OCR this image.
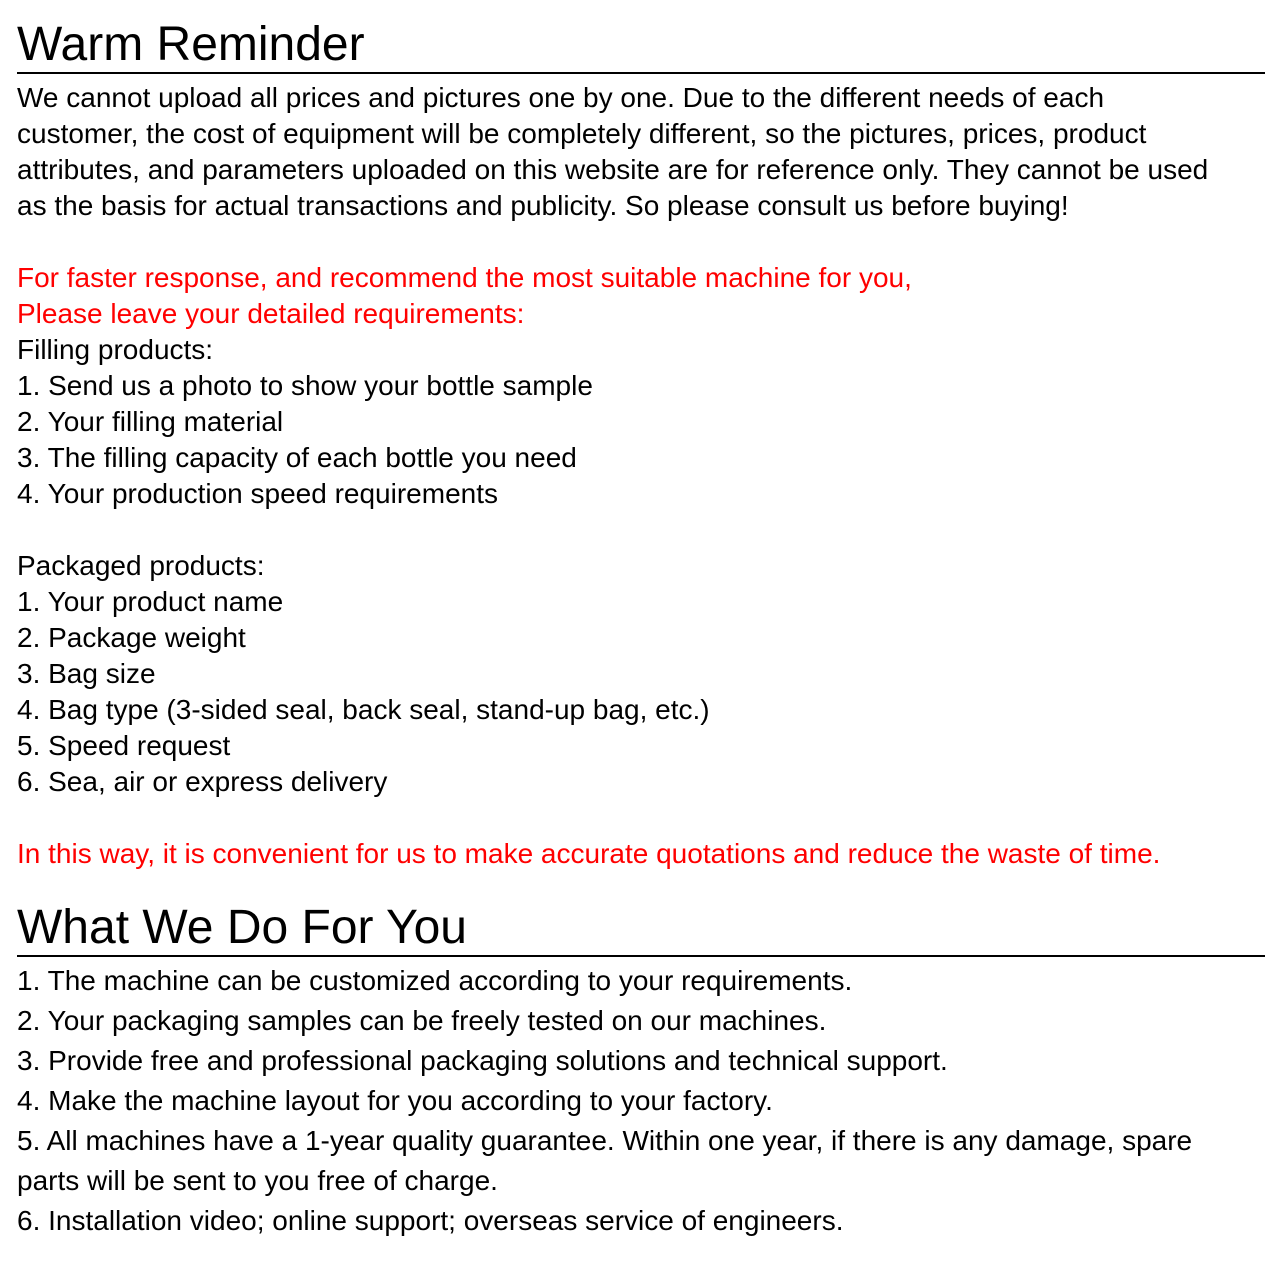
Warm Reminder
We cannot upload all prices and pictures one by one. Due to the different needs of each customer, the cost of equipment will be completely different, so the pictures, prices, product attributes, and parameters uploaded on this website are for reference only. They cannot be used as the basis for actual transactions and publicity. So please consult us before buying!
For faster response, and recommend the most suitable machine for you,
Please leave your detailed requirements:
Filling products:
1. Send us a photo to show your bottle sample
2. Your filling material
3. The filling capacity of each bottle you need
4. Your production speed requirements
Packaged products:
1. Your product name
2. Package weight
3. Bag size
4. Bag type (3-sided seal, back seal, stand-up bag, etc.)
5. Speed request
6. Sea, air or express delivery
In this way, it is convenient for us to make accurate quotations and reduce the waste of time.
What We Do For You
1. The machine can be customized according to your requirements.
2. Your packaging samples can be freely tested on our machines.
3. Provide free and professional packaging solutions and technical support.
4. Make the machine layout for you according to your factory.
5. All machines have a 1-year quality guarantee. Within one year, if there is any damage, spare parts will be sent to you free of charge.
6. Installation video; online support; overseas service of engineers.
